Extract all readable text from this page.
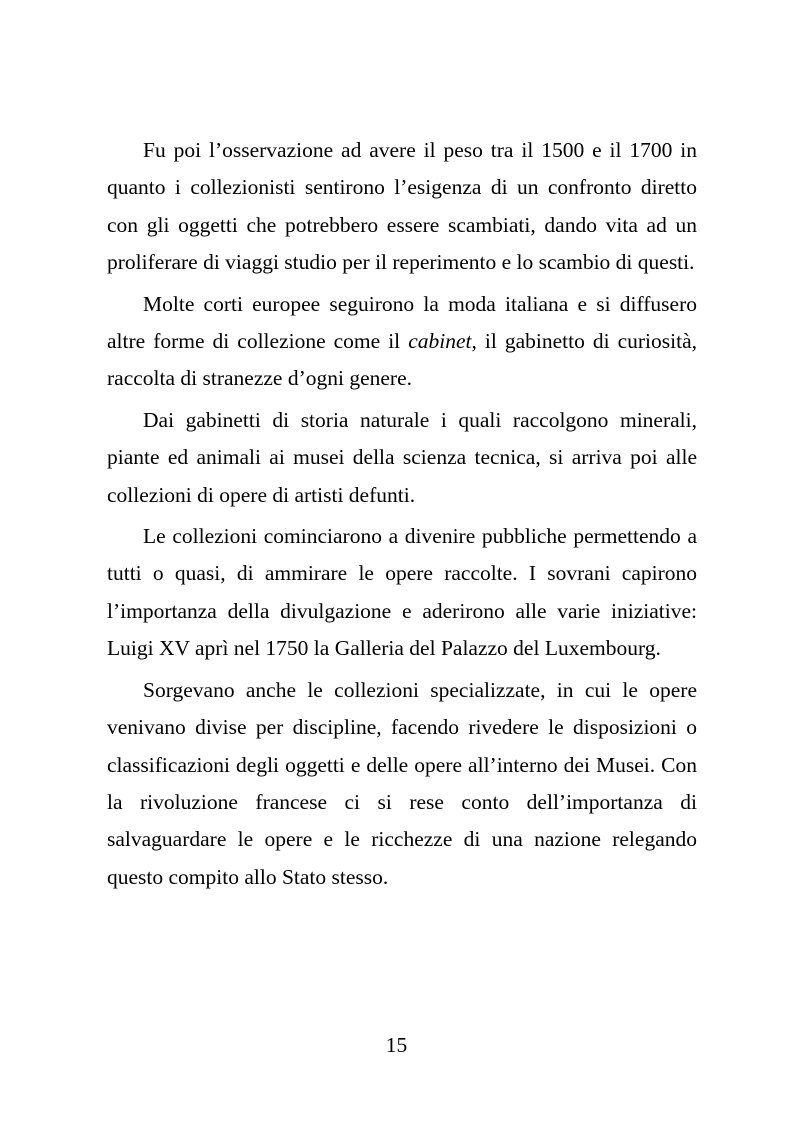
Fu poi l’osservazione ad avere il peso tra il 1500 e il 1700 in quanto i collezionisti sentirono l’esigenza di un confronto diretto con gli oggetti che potrebbero essere scambiati, dando vita ad un proliferare di viaggi studio per il reperimento e lo scambio di questi.

Molte corti europee seguirono la moda italiana e si diffusero altre forme di collezione come il cabinet, il gabinetto di curiosità, raccolta di stranezze d’ogni genere.

Dai gabinetti di storia naturale i quali raccolgono minerali, piante ed animali ai musei della scienza tecnica, si arriva poi alle collezioni di opere di artisti defunti.

Le collezioni cominciarono a divenire pubbliche permettendo a tutti o quasi, di ammirare le opere raccolte. I sovrani capirono l’importanza della divulgazione e aderirono alle varie iniziative: Luigi XV aprì nel 1750 la Galleria del Palazzo del Luxembourg.

Sorgevano anche le collezioni specializzate, in cui le opere venivano divise per discipline, facendo rivedere le disposizioni o classificazioni degli oggetti e delle opere all’interno dei Musei. Con la rivoluzione francese ci si rese conto dell’importanza di salvaguardare le opere e le ricchezze di una nazione relegando questo compito allo Stato stesso.

15
